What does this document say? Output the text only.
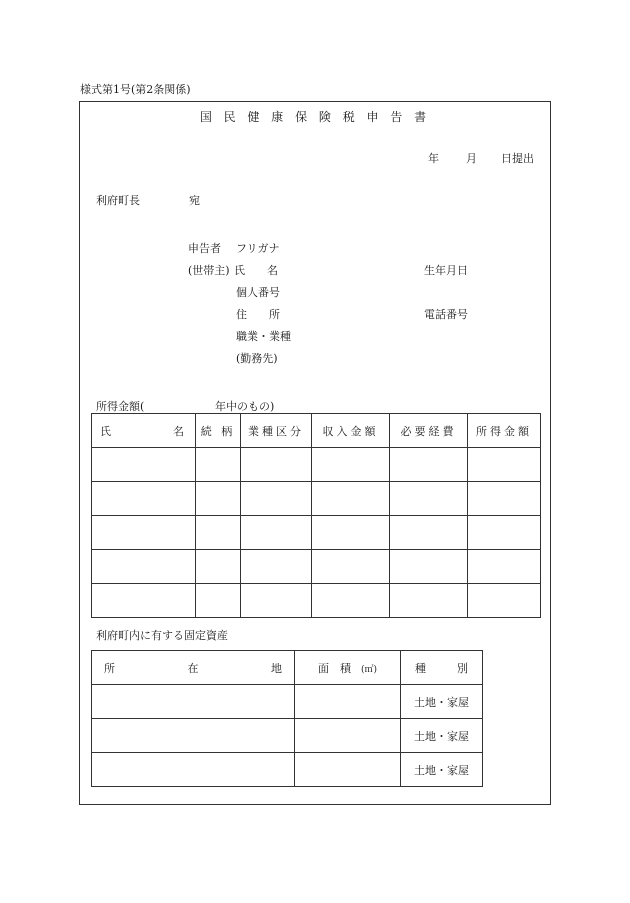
様式第1号(第2条関係)
国 民 健 康 保 険 税 申 告 書
年 月 日提出
利府町長	宛
申告者 フリガナ
(世帯主) 氏　　名	生年月日
個人番号
住　　所	電話番号
職業・業種
(勤務先)
所得金額(	年中のもの)
氏 名	続 柄	業種区分	収入金額	必要経費	所得金額

利府町内に有する固定資産
所 在 地	面　積 (㎡)	種 別

		土地・家屋
		土地・家屋
		土地・家屋
